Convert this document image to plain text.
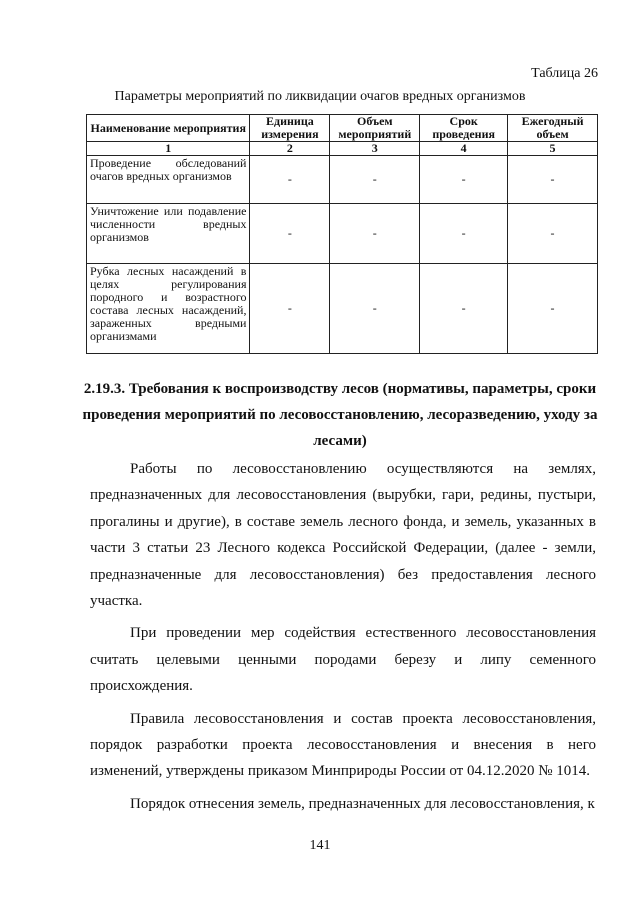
Таблица 26
Параметры мероприятий по ликвидации очагов вредных организмов
Наименование мероприятия	Единица измерения	Объем мероприятий	Срок проведения	Ежегодный объем
1	2	3	4	5
Проведение обследований очагов вредных организмов	-	-	-	-
Уничтожение или подавление численности вредных организмов	-	-	-	-
Рубка лесных насаждений в целях регулирования породного и возрастного состава лесных насаждений, зараженных вредными организмами	-	-	-	-
2.19.3. Требования к воспроизводству лесов (нормативы, параметры, сроки проведения мероприятий по лесовосстановлению, лесоразведению, уходу за лесами)

Работы по лесовосстановлению осуществляются на землях, предназначенных для лесовосстановления (вырубки, гари, редины, пустыри, прогалины и другие), в составе земель лесного фонда, и земель, указанных в части 3 статьи 23 Лесного кодекса Российской Федерации, (далее - земли, предназначенные для лесовосстановления) без предоставления лесного участка.

При проведении мер содействия естественного лесовосстановления считать целевыми ценными породами березу и липу семенного происхождения.

Правила лесовосстановления и состав проекта лесовосстановления, порядок разработки проекта лесовосстановления и внесения в него изменений, утверждены приказом Минприроды России от 04.12.2020 № 1014.

Порядок отнесения земель, предназначенных для лесовосстановления, к

141
